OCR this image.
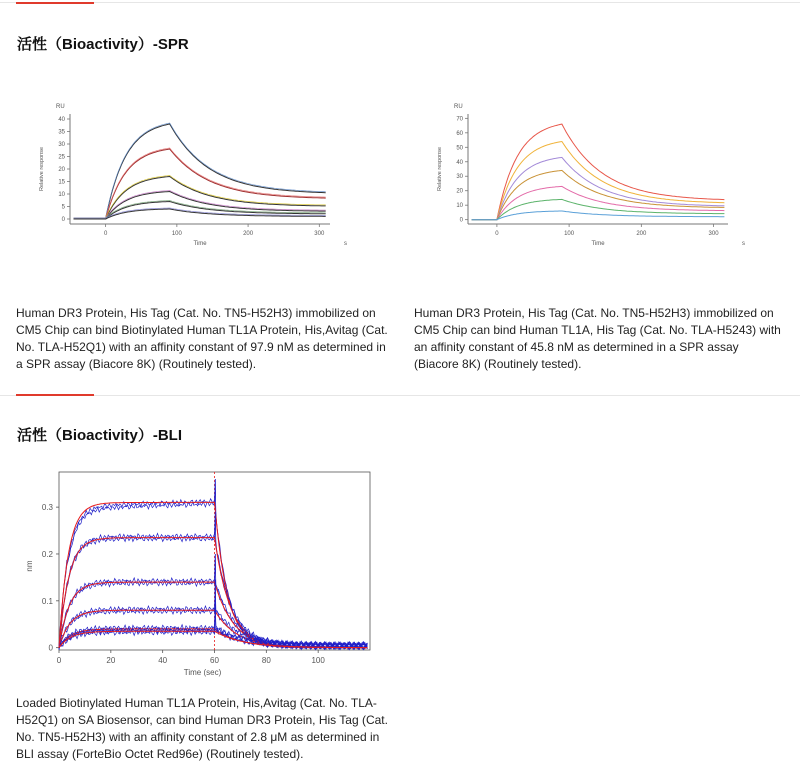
活性（Bioactivity）-SPR
RU
0
5
10
15
20
25
30
35
40
0	100	200	300
Time	s
Relative response
RU
0
10
20
30
40
50
60
70
0	100	200	300
Time	s
Relative response
Human DR3 Protein, His Tag (Cat. No. TN5-H52H3) immobilized on CM5 Chip can bind Biotinylated Human TL1A Protein, His,Avitag (Cat. No. TLA-H52Q1) with an affinity constant of 97.9 nM as determined in a SPR assay (Biacore 8K) (Routinely tested).
Human DR3 Protein, His Tag (Cat. No. TN5-H52H3) immobilized on CM5 Chip can bind Human TL1A, His Tag (Cat. No. TLA-H5243) with an affinity constant of 45.8 nM as determined in a SPR assay (Biacore 8K) (Routinely tested).
活性（Bioactivity）-BLI
0
0.1
0.2
0.3
0	20	40	60	80	100
Time (sec)
nm
Loaded Biotinylated Human TL1A Protein, His,Avitag (Cat. No. TLA-H52Q1) on SA Biosensor, can bind Human DR3 Protein, His Tag (Cat. No. TN5-H52H3) with an affinity constant of 2.8 μM as determined in BLI assay (ForteBio Octet Red96e) (Routinely tested).
